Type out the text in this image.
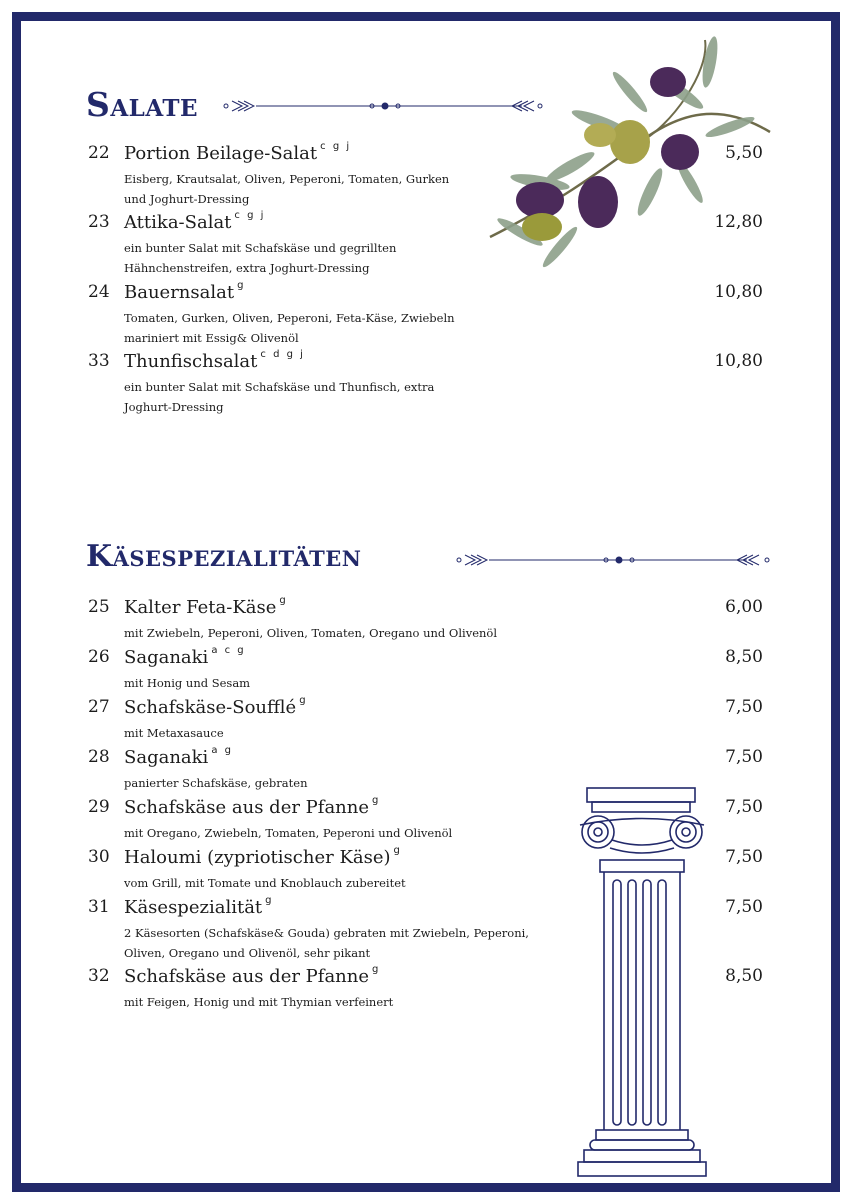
Salate
22 Portion Beilage-Salat $^{c g j}$	5,50
Eisberg, Krautsalat, Oliven, Peperoni, Tomaten, Gurken
und Joghurt-Dressing
23 Attika-Salat $^{c g j}$	12,80
ein bunter Salat mit Schafskäse und gegrillten
Hähnchenstreifen, extra Joghurt-Dressing
24 Bauernsalat $^g$	10,80
Tomaten, Gurken, Oliven, Peperoni, Feta-Käse, Zwiebeln
mariniert mit Essig& Olivenöl
33 Thunfischsalat $^{c d g j}$	10,80
ein bunter Salat mit Schafskäse und Thunfisch, extra
Joghurt-Dressing
Käsespezialitäten
25 Kalter Feta-Käse $^g$	6,00
mit Zwiebeln, Peperoni, Oliven, Tomaten, Oregano und Olivenöl
26 Saganaki $^{a c g}$	8,50
mit Honig und Sesam
27 Schafskäse-Soufflé $^g$	7,50
mit Metaxasauce
28 Saganaki $^{a g}$	7,50
panierter Schafskäse, gebraten
29 Schafskäse aus der Pfanne $^g$	7,50
mit Oregano, Zwiebeln, Tomaten, Peperoni und Olivenöl
30 Haloumi (zypriotischer Käse) $^g$	7,50
vom Grill, mit Tomate und Knoblauch zubereitet
31 Käsespezialität $^g$	7,50
2 Käsesorten (Schafskäse& Gouda) gebraten mit Zwiebeln, Peperoni,
Oliven, Oregano und Olivenöl, sehr pikant
32 Schafskäse aus der Pfanne $^g$	8,50
mit Feigen, Honig und mit Thymian verfeinert
